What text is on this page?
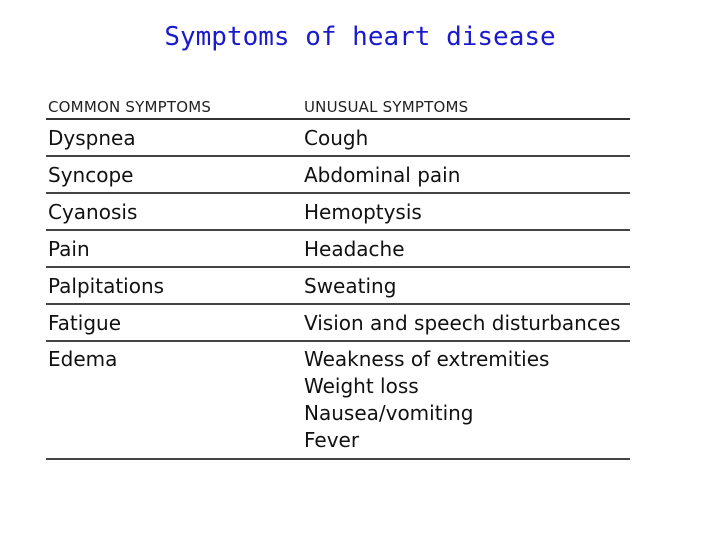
Symptoms of heart disease
COMMON SYMPTOMS	UNUSUAL SYMPTOMS
Dyspnea	Cough
Syncope	Abdominal pain
Cyanosis	Hemoptysis
Pain	Headache
Palpitations	Sweating
Fatigue	Vision and speech disturbances
Edema	Weakness of extremities
Weight loss
Nausea/vomiting
Fever
